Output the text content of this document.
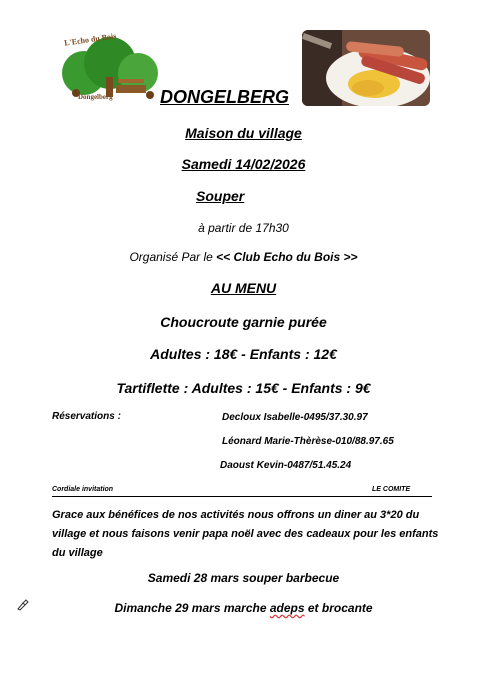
L'Echo du Bois
Dongelberg	DONGELBERG
Maison du village
Samedi 14/02/2026
Souper
à partir de 17h30
Organisé Par le << Club Echo du Bois >>
AU MENU
Choucroute garnie purée
Adultes : 18€ - Enfants : 12€
Tartiflette : Adultes : 15€ - Enfants : 9€
Réservations :	Decloux Isabelle-0495/37.30.97
Léonard Marie-Thèrèse-010/88.97.65
Daoust Kevin-0487/51.45.24
Cordiale invitation	LE COMITE
Grace aux bénéfices de nos activités nous offrons un diner au 3*20 du village et nous faisons venir papa noël avec des cadeaux pour les enfants du village
Samedi 28 mars souper barbecue
Dimanche 29 mars marche adeps et brocante
